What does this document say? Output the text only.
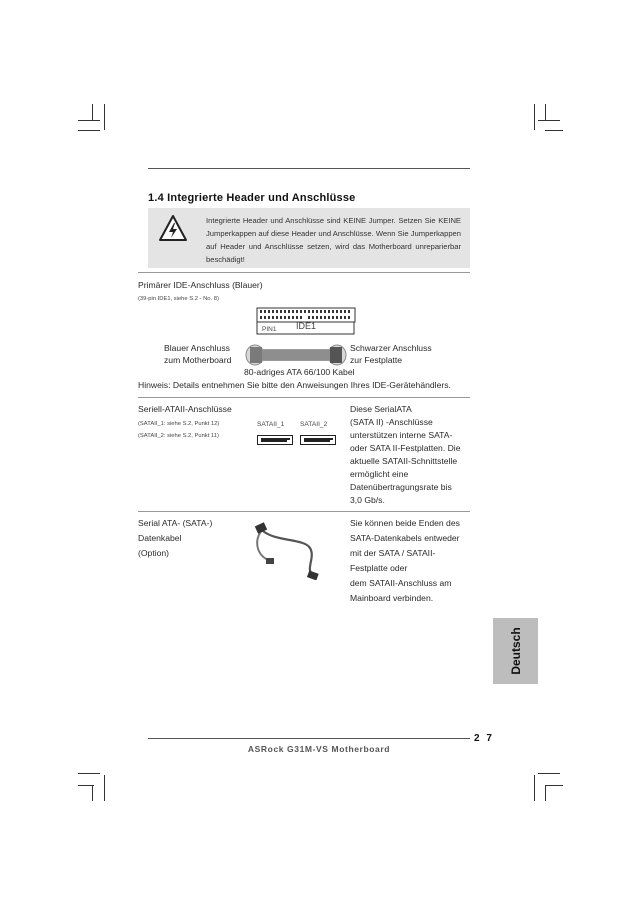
1.4 Integrierte Header und Anschlüsse
Integrierte Header und Anschlüsse sind KEINE Jumper. Setzen Sie KEINE Jumperkappen auf diese Header und Anschlüsse. Wenn Sie Jumperkappen auf Header und Anschlüsse setzen, wird das Motherboard unreparierbar beschädigt!
Primärer IDE-Anschluss (Blauer)
(39-pin IDE1, siehe S.2 - No. 8)
PIN1 IDE1
Blauer Anschluss
zum Motherboard
Schwarzer Anschluss
zur Festplatte
80-adriges ATA 66/100 Kabel
Hinweis: Details entnehmen Sie bitte den Anweisungen Ihres IDE-Gerätehändlers.
Seriell-ATAII-Anschlüsse
(SATAII_1: siehe S.2, Punkt 12)
(SATAII_2: siehe S.2, Punkt 11)
SATAII_1 SATAII_2
Diese SerialATA
(SATA II) -Anschlüsse
unterstützen interne SATA-
oder SATA II-Festplatten. Die
aktuelle SATAII-Schnittstelle
ermöglicht eine
Datenübertragungsrate bis
3,0 Gb/s.
Serial ATA- (SATA-)
Datenkabel
(Option)
Sie können beide Enden des
SATA-Datenkabels entweder
mit der SATA / SATAII-
Festplatte oder
dem SATAII-Anschluss am
Mainboard verbinden.
Deutsch
2 7
ASRock G31M-VS Motherboard
